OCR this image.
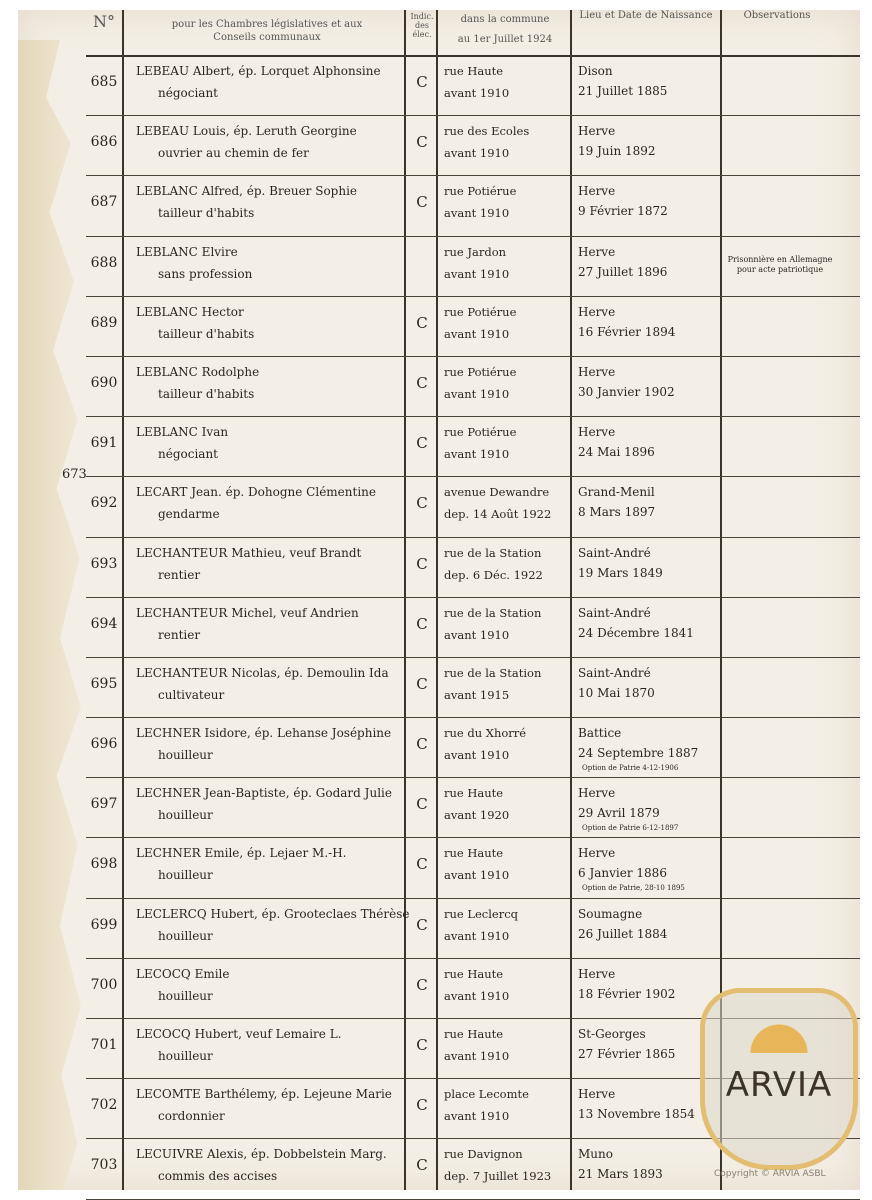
N°	pour les Chambres législatives et aux
Conseils communaux
Indic. des élec.
dans la commune
au 1er Juillet 1924
Lieu et Date de Naissance	Observations
685
LEBEAU Albert, ép. Lorquet Alphonsine
négociant
C
rue Haute
avant 1910
Dison
21 Juillet 1885
686
LEBEAU Louis, ép. Leruth Georgine
ouvrier au chemin de fer
C
rue des Ecoles
avant 1910
Herve
19 Juin 1892
687
LEBLANC Alfred, ép. Breuer Sophie
tailleur d'habits
C
rue Potiérue
avant 1910
Herve
9 Février 1872
688
LEBLANC Elvire
sans profession
rue Jardon
avant 1910
Herve
27 Juillet 1896
Prisonnière en Allemagne pour acte patriotique
689
LEBLANC Hector
tailleur d'habits
C
rue Potiérue
avant 1910
Herve
16 Février 1894
690
LEBLANC Rodolphe
tailleur d'habits
C
rue Potiérue
avant 1910
Herve
30 Janvier 1902
691
LEBLANC Ivan
négociant
C
rue Potiérue
avant 1910
Herve
24 Mai 1896
692
LECART Jean. ép. Dohogne Clémentine
gendarme
C
avenue Dewandre
dep. 14 Août 1922
Grand-Menil
8 Mars 1897
693
LECHANTEUR Mathieu, veuf Brandt
rentier
C
rue de la Station
dep. 6 Déc. 1922
Saint-André
19 Mars 1849
694
LECHANTEUR Michel, veuf Andrien
rentier
C
rue de la Station
avant 1910
Saint-André
24 Décembre 1841
695
LECHANTEUR Nicolas, ép. Demoulin Ida
cultivateur
C
rue de la Station
avant 1915
Saint-André
10 Mai 1870
696
LECHNER Isidore, ép. Lehanse Joséphine
houilleur
C
rue du Xhorré
avant 1910
Battice
24 Septembre 1887
Option de Patrie 4-12-1906
697
LECHNER Jean-Baptiste, ép. Godard Julie
houilleur
C
rue Haute
avant 1920
Herve
29 Avril 1879
Option de Patrie 6-12-1897
698
LECHNER Emile, ép. Lejaer M.-H.
houilleur
C
rue Haute
avant 1910
Herve
6 Janvier 1886
Option de Patrie, 28-10 1895
699
LECLERCQ Hubert, ép. Grooteclaes Thérèse
houilleur
C
rue Leclercq
avant 1910
Soumagne
26 Juillet 1884
700
LECOCQ Emile
houilleur
C
rue Haute
avant 1910
Herve
18 Février 1902
701
LECOCQ Hubert, veuf Lemaire L.
houilleur
C
rue Haute
avant 1910
St-Georges
27 Février 1865
702
LECOMTE Barthélemy, ép. Lejeune Marie
cordonnier
C
place Lecomte
avant 1910
Herve
13 Novembre 1854
703
LECUIVRE Alexis, ép. Dobbelstein Marg.
commis des accises
C
rue Davignon
dep. 7 Juillet 1923
Muno
21 Mars 1893
673
ARVIA
Copyright © ARVIA ASBL
